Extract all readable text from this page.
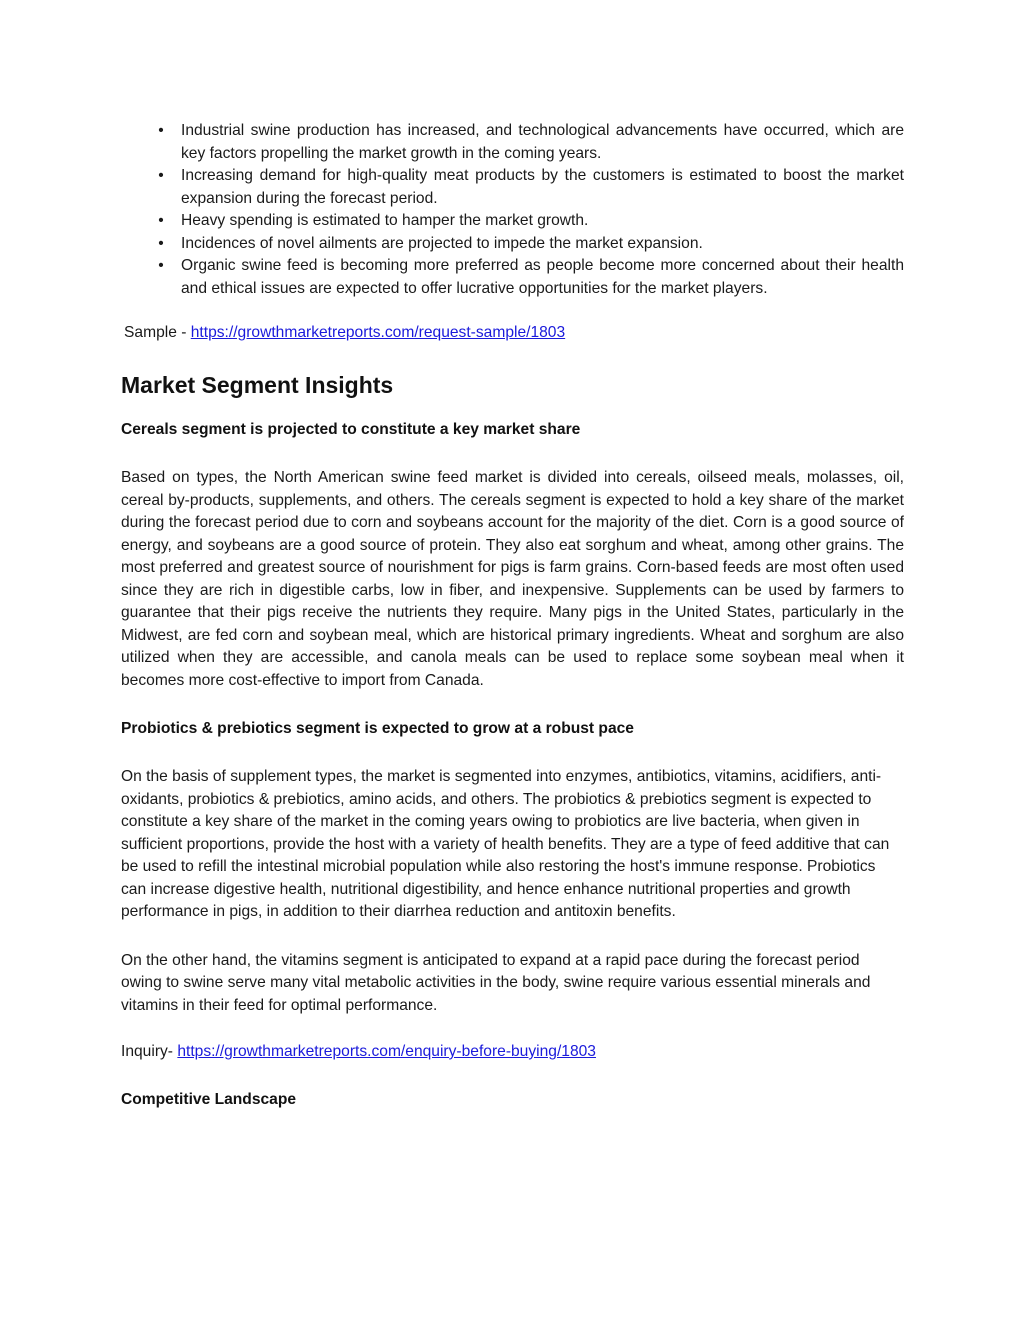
•	Industrial swine production has increased, and technological advancements have occurred, which are key factors propelling the market growth in the coming years.
•	Increasing demand for high-quality meat products by the customers is estimated to boost the market expansion during the forecast period.
•	Heavy spending is estimated to hamper the market growth.
•	Incidences of novel ailments are projected to impede the market expansion.
•	Organic swine feed is becoming more preferred as people become more concerned about their health and ethical issues are expected to offer lucrative opportunities for the market players.
Sample - https://growthmarketreports.com/request-sample/1803
Market Segment Insights
Cereals segment is projected to constitute a key market share

Based on types, the North American swine feed market is divided into cereals, oilseed meals, molasses, oil, cereal by-products, supplements, and others. The cereals segment is expected to hold a key share of the market during the forecast period due to corn and soybeans account for the majority of the diet. Corn is a good source of energy, and soybeans are a good source of protein. They also eat sorghum and wheat, among other grains. The most preferred and greatest source of nourishment for pigs is farm grains. Corn-based feeds are most often used since they are rich in digestible carbs, low in fiber, and inexpensive. Supplements can be used by farmers to guarantee that their pigs receive the nutrients they require. Many pigs in the United States, particularly in the Midwest, are fed corn and soybean meal, which are historical primary ingredients. Wheat and sorghum are also utilized when they are accessible, and canola meals can be used to replace some soybean meal when it becomes more cost-effective to import from Canada.

Probiotics & prebiotics segment is expected to grow at a robust pace

On the basis of supplement types, the market is segmented into enzymes, antibiotics, vitamins, acidifiers, anti-oxidants, probiotics & prebiotics, amino acids, and others. The probiotics & prebiotics segment is expected to constitute a key share of the market in the coming years owing to probiotics are live bacteria, when given in sufficient proportions, provide the host with a variety of health benefits. They are a type of feed additive that can be used to refill the intestinal microbial population while also restoring the host's immune response. Probiotics can increase digestive health, nutritional digestibility, and hence enhance nutritional properties and growth performance in pigs, in addition to their diarrhea reduction and antitoxin benefits.

On the other hand, the vitamins segment is anticipated to expand at a rapid pace during the forecast period owing to swine serve many vital metabolic activities in the body, swine require various essential minerals and vitamins in their feed for optimal performance.

Inquiry- https://growthmarketreports.com/enquiry-before-buying/1803
Competitive Landscape
